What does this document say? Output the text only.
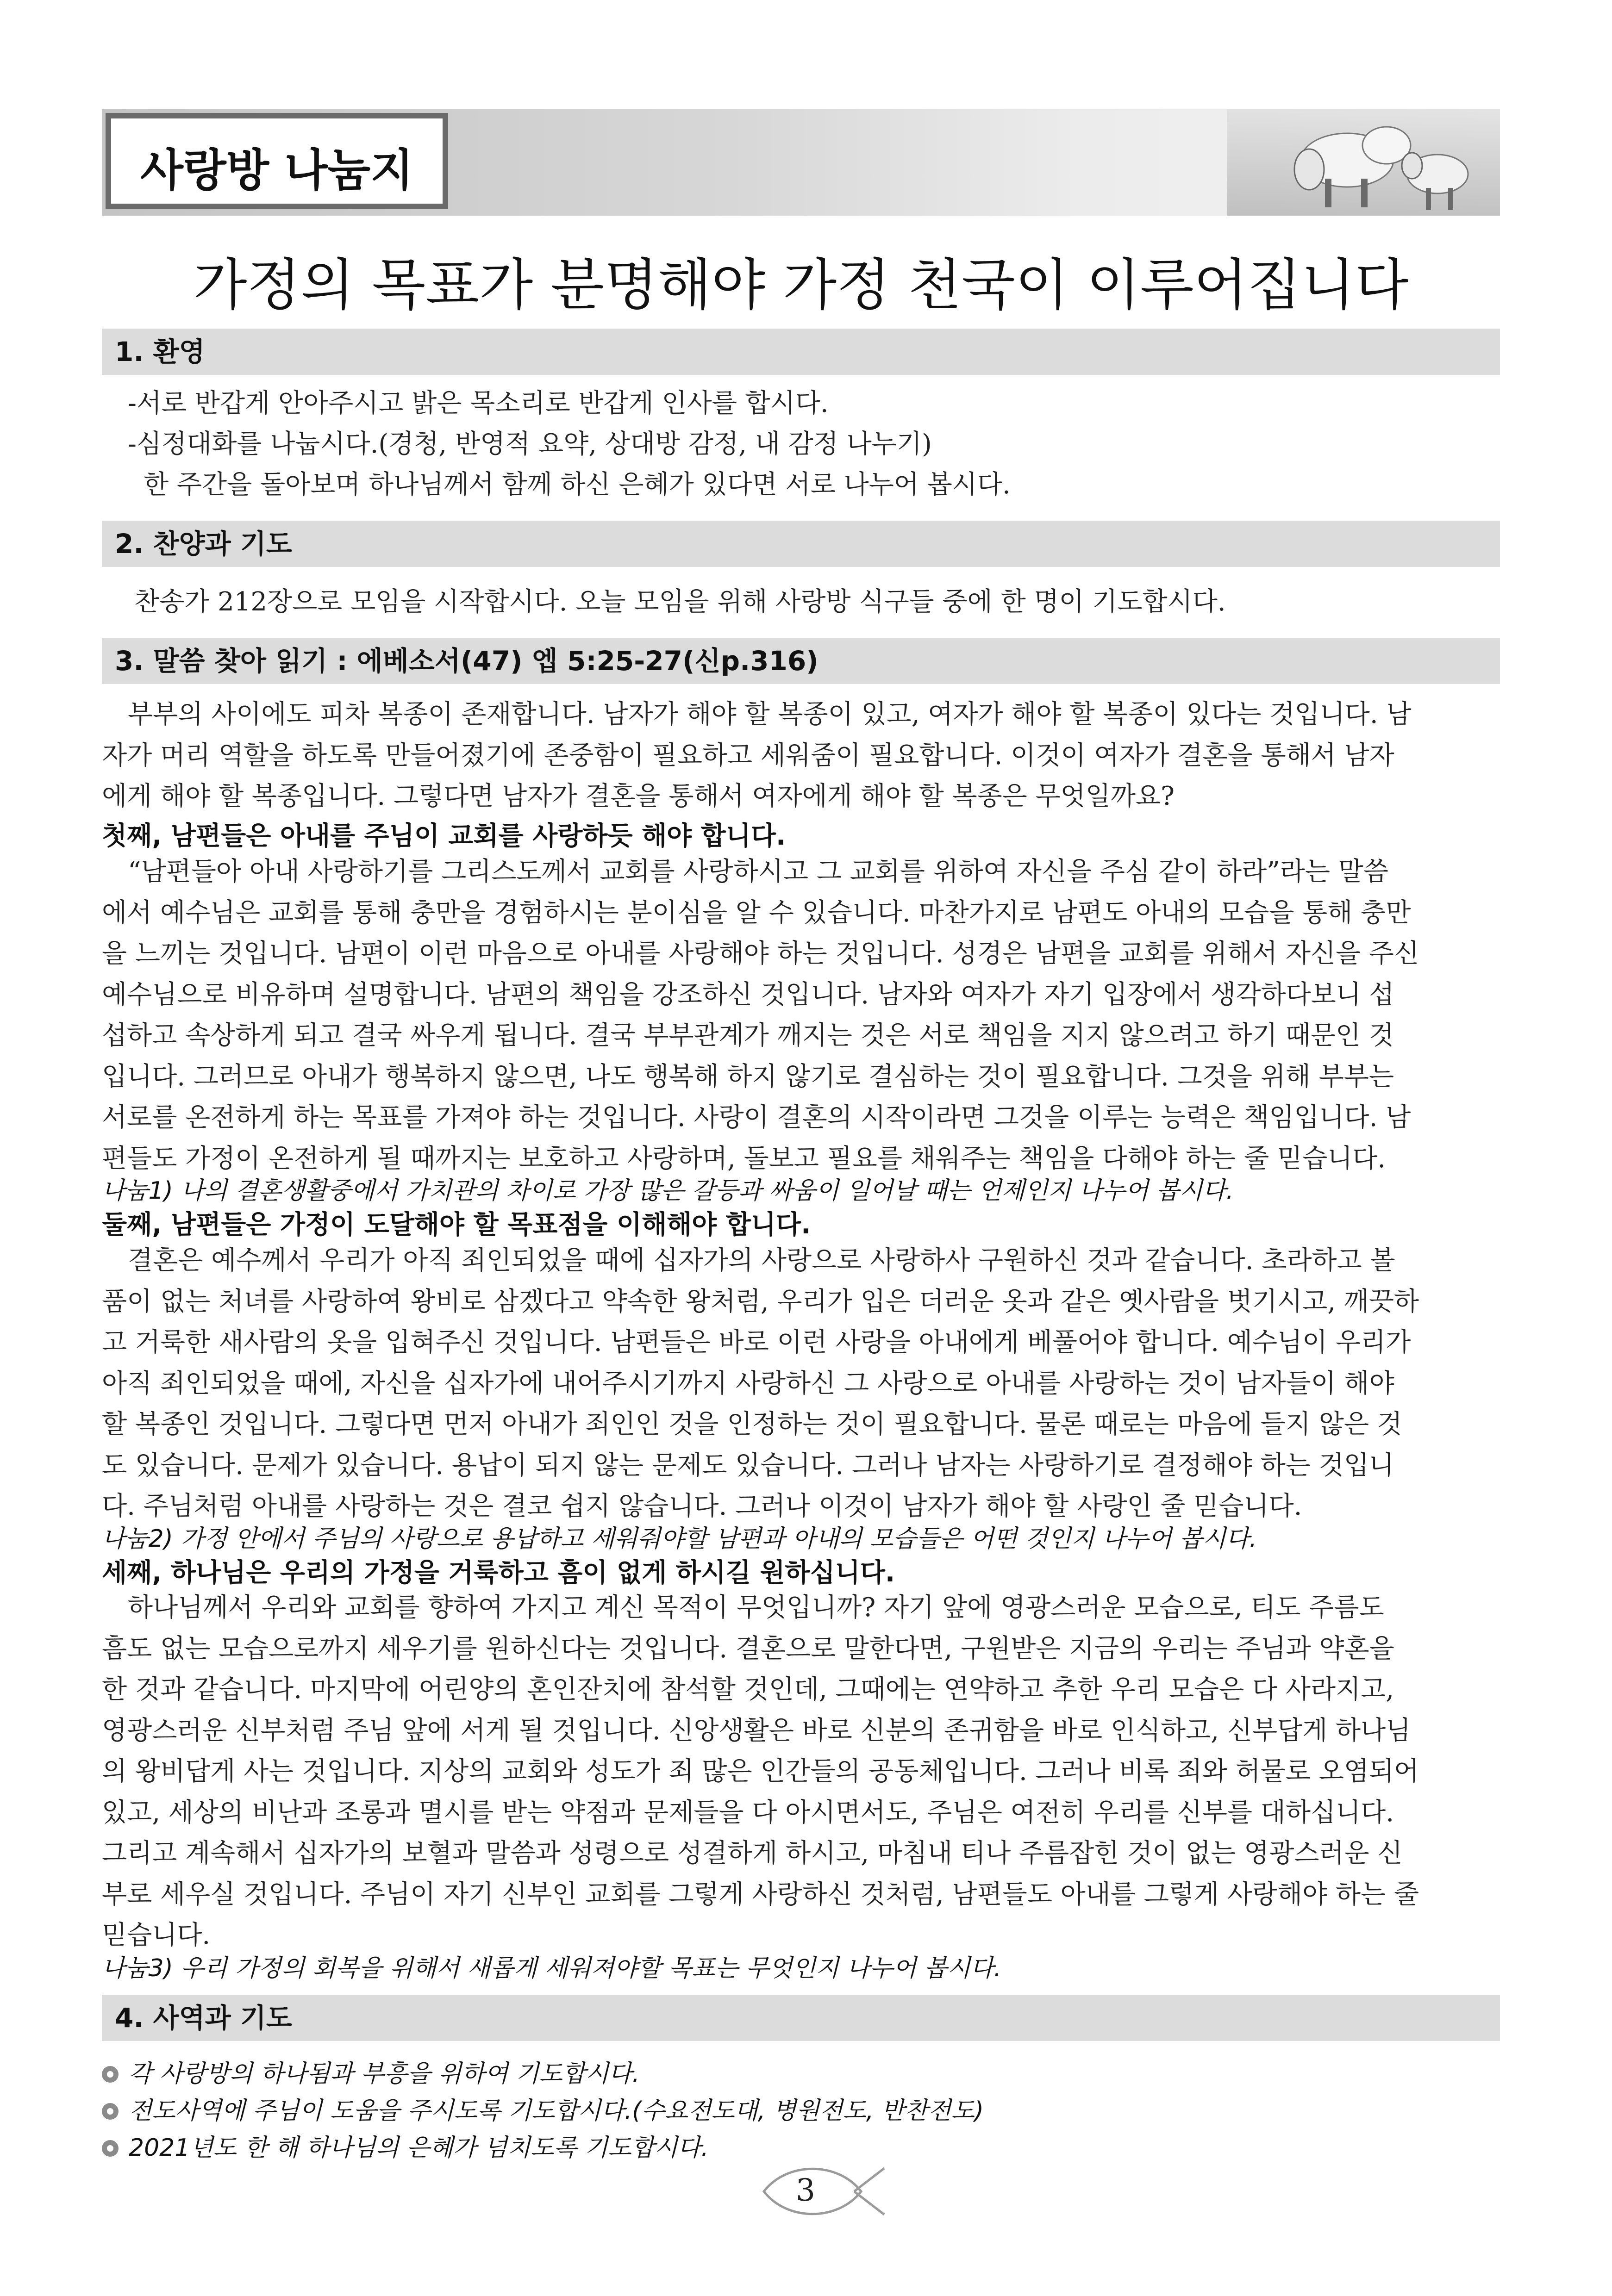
사랑방 나눔지
가정의 목표가 분명해야 가정 천국이 이루어집니다
1. 환영
-서로 반갑게 안아주시고 밝은 목소리로 반갑게 인사를 합시다.
-심정대화를 나눕시다.(경청, 반영적 요약, 상대방 감정, 내 감정 나누기)
한 주간을 돌아보며 하나님께서 함께 하신 은혜가 있다면 서로 나누어 봅시다.
2. 찬양과 기도
찬송가 212장으로 모임을 시작합시다. 오늘 모임을 위해 사랑방 식구들 중에 한 명이 기도합시다.
3. 말씀 찾아 읽기 : 에베소서(47) 엡 5:25-27(신p.316)
부부의 사이에도 피차 복종이 존재합니다. 남자가 해야 할 복종이 있고, 여자가 해야 할 복종이 있다는 것입니다. 남
자가 머리 역할을 하도록 만들어졌기에 존중함이 필요하고 세워줌이 필요합니다. 이것이 여자가 결혼을 통해서 남자
에게 해야 할 복종입니다. 그렇다면 남자가 결혼을 통해서 여자에게 해야 할 복종은 무엇일까요?
첫째, 남편들은 아내를 주님이 교회를 사랑하듯 해야 합니다.
“남편들아 아내 사랑하기를 그리스도께서 교회를 사랑하시고 그 교회를 위하여 자신을 주심 같이 하라”라는 말씀
에서 예수님은 교회를 통해 충만을 경험하시는 분이심을 알 수 있습니다. 마찬가지로 남편도 아내의 모습을 통해 충만
을 느끼는 것입니다. 남편이 이런 마음으로 아내를 사랑해야 하는 것입니다. 성경은 남편을 교회를 위해서 자신을 주신
예수님으로 비유하며 설명합니다. 남편의 책임을 강조하신 것입니다. 남자와 여자가 자기 입장에서 생각하다보니 섭
섭하고 속상하게 되고 결국 싸우게 됩니다. 결국 부부관계가 깨지는 것은 서로 책임을 지지 않으려고 하기 때문인 것
입니다. 그러므로 아내가 행복하지 않으면, 나도 행복해 하지 않기로 결심하는 것이 필요합니다. 그것을 위해 부부는
서로를 온전하게 하는 목표를 가져야 하는 것입니다. 사랑이 결혼의 시작이라면 그것을 이루는 능력은 책임입니다. 남
편들도 가정이 온전하게 될 때까지는 보호하고 사랑하며, 돌보고 필요를 채워주는 책임을 다해야 하는 줄 믿습니다.
나눔1) 나의 결혼생활중에서 가치관의 차이로 가장 많은 갈등과 싸움이 일어날 때는 언제인지 나누어 봅시다.
둘째, 남편들은 가정이 도달해야 할 목표점을 이해해야 합니다.
결혼은 예수께서 우리가 아직 죄인되었을 때에 십자가의 사랑으로 사랑하사 구원하신 것과 같습니다. 초라하고 볼
품이 없는 처녀를 사랑하여 왕비로 삼겠다고 약속한 왕처럼, 우리가 입은 더러운 옷과 같은 옛사람을 벗기시고, 깨끗하
고 거룩한 새사람의 옷을 입혀주신 것입니다. 남편들은 바로 이런 사랑을 아내에게 베풀어야 합니다. 예수님이 우리가
아직 죄인되었을 때에, 자신을 십자가에 내어주시기까지 사랑하신 그 사랑으로 아내를 사랑하는 것이 남자들이 해야
할 복종인 것입니다. 그렇다면 먼저 아내가 죄인인 것을 인정하는 것이 필요합니다. 물론 때로는 마음에 들지 않은 것
도 있습니다. 문제가 있습니다. 용납이 되지 않는 문제도 있습니다. 그러나 남자는 사랑하기로 결정해야 하는 것입니
다. 주님처럼 아내를 사랑하는 것은 결코 쉽지 않습니다. 그러나 이것이 남자가 해야 할 사랑인 줄 믿습니다.
나눔2) 가정 안에서 주님의 사랑으로 용납하고 세워줘야할 남편과 아내의 모습들은 어떤 것인지 나누어 봅시다.
세째, 하나님은 우리의 가정을 거룩하고 흠이 없게 하시길 원하십니다.
하나님께서 우리와 교회를 향하여 가지고 계신 목적이 무엇입니까? 자기 앞에 영광스러운 모습으로, 티도 주름도
흠도 없는 모습으로까지 세우기를 원하신다는 것입니다. 결혼으로 말한다면, 구원받은 지금의 우리는 주님과 약혼을
한 것과 같습니다. 마지막에 어린양의 혼인잔치에 참석할 것인데, 그때에는 연약하고 추한 우리 모습은 다 사라지고,
영광스러운 신부처럼 주님 앞에 서게 될 것입니다. 신앙생활은 바로 신분의 존귀함을 바로 인식하고, 신부답게 하나님
의 왕비답게 사는 것입니다. 지상의 교회와 성도가 죄 많은 인간들의 공동체입니다. 그러나 비록 죄와 허물로 오염되어
있고, 세상의 비난과 조롱과 멸시를 받는 약점과 문제들을 다 아시면서도, 주님은 여전히 우리를 신부를 대하십니다.
그리고 계속해서 십자가의 보혈과 말씀과 성령으로 성결하게 하시고, 마침내 티나 주름잡힌 것이 없는 영광스러운 신
부로 세우실 것입니다. 주님이 자기 신부인 교회를 그렇게 사랑하신 것처럼, 남편들도 아내를 그렇게 사랑해야 하는 줄
믿습니다.
나눔3) 우리 가정의 회복을 위해서 새롭게 세워져야할 목표는 무엇인지 나누어 봅시다.
4. 사역과 기도
각 사랑방의 하나됨과 부흥을 위하여 기도합시다.
전도사역에 주님이 도움을 주시도록 기도합시다.(수요전도대, 병원전도, 반찬전도)
2021년도 한 해 하나님의 은혜가 넘치도록 기도합시다.
3
